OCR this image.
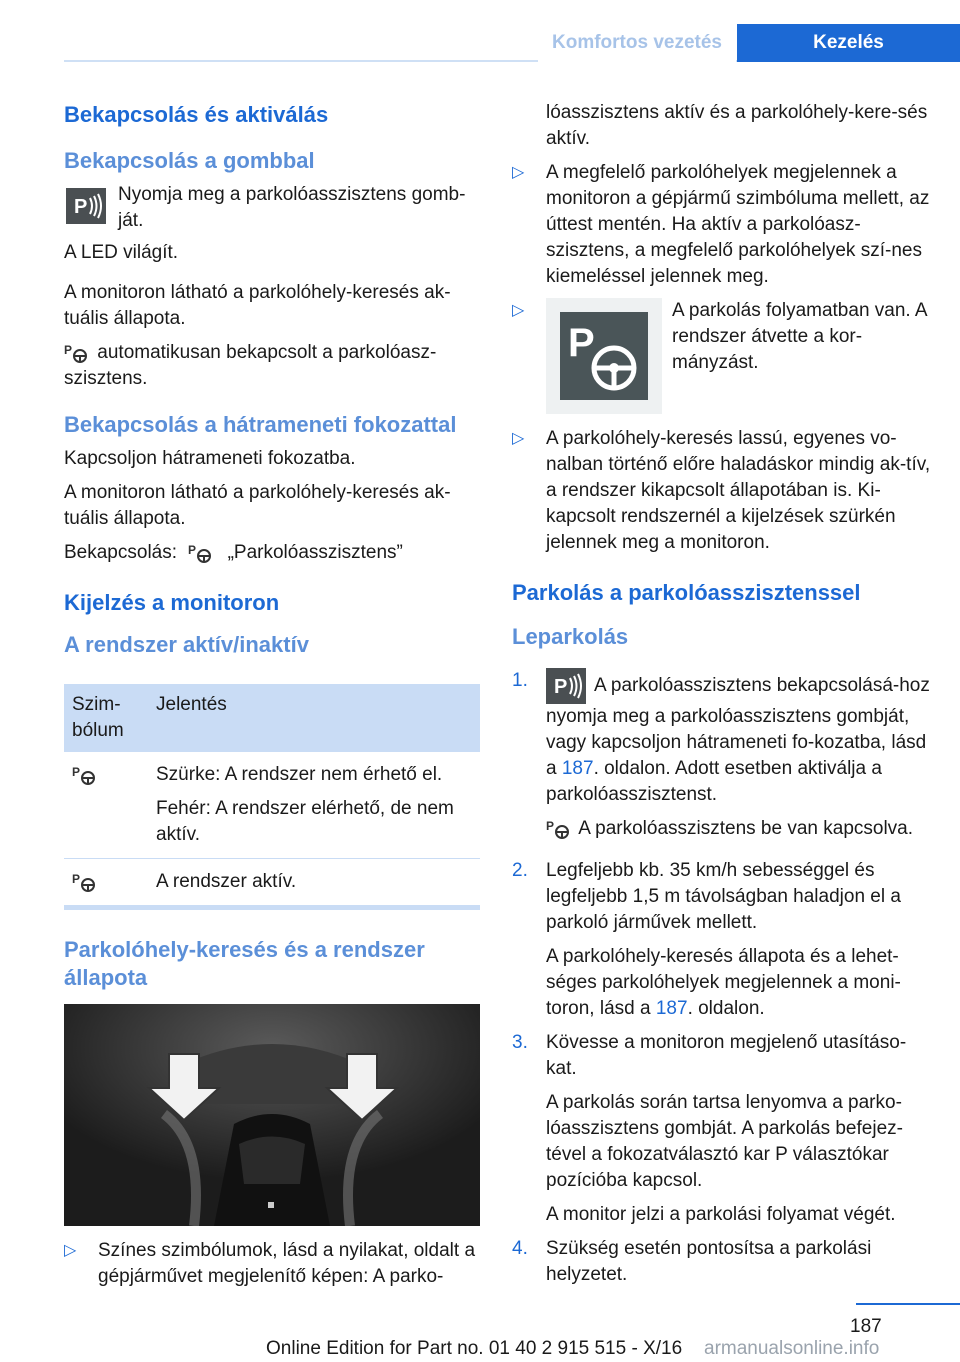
Komfortos vezetés	Kezelés
Bekapcsolás és aktiválás
Bekapcsolás a gombbal
P
Nyomja meg a parkolóasszisztens gomb-ját.

A LED világít.

A monitoron látható a parkolóhely-keresés ak-tuális állapota.

P automatikusan bekapcsolt a parkolóasz-szisztens.

Bekapcsolás a hátrameneti fokozattal

Kapcsoljon hátrameneti fokozatba.

A monitoron látható a parkolóhely-keresés ak-tuális állapota.

Bekapcsolás: P „Parkolóasszisztens”

Kijelzés a monitoron
A rendszer aktív/inaktív
Szim-bólum	Jelentés

P	Szürke: A rendszer nem érhető el.

Fehér: A rendszer elérhető, de nem aktív.

P	A rendszer aktív.
Parkolóhely-keresés és a rendszer állapota
▷	Színes szimbólumok, lásd a nyilakat, oldalt a gépjárművet megjelenítő képen: A parko-

lóasszisztens aktív és a parkolóhely-kere-sés aktív.

▷	A megfelelő parkolóhelyek megjelennek a monitoron a gépjármű szimbóluma mellett, az úttest mentén. Ha aktív a parkolóasz-szisztens, a megfelelő parkolóhelyek szí-nes kiemeléssel jelennek meg.
▷
P
A parkolás folyamatban van. A rendszer átvette a kor-mányzást.
▷	A parkolóhely-keresés lassú, egyenes vo-nalban történő előre haladáskor mindig ak-tív, a rendszer kikapcsolt állapotában is. Ki-kapcsolt rendszernél a kijelzések szürkén jelennek meg a monitoron.
Parkolás a parkolóasszisztenssel
Leparkolás
1.	P A parkolóasszisztens bekapcsolásá-hoz nyomja meg a parkolóasszisztens gombját, vagy kapcsoljon hátrameneti fo-kozatba, lásd a 187. oldalon. Adott esetben aktiválja a parkolóasszisztenst.

P A parkolóasszisztens be van kapcsolva.

2. Legfeljebb kb. 35 km/h sebességgel és legfeljebb 1,5 m távolságban haladjon el a parkoló járművek mellett.

A parkolóhely-keresés állapota és a lehet-séges parkolóhelyek megjelennek a moni-toron, lásd a 187. oldalon.

3. Kövesse a monitoron megjelenő utasításo-kat.

A parkolás során tartsa lenyomva a parko-lóasszisztens gombját. A parkolás befejez-tével a fokozatválasztó kar P választókar pozícióba kapcsol.

A monitor jelzi a parkolási folyamat végét.

4. Szükség esetén pontosítsa a parkolási helyzetet.
187
Online Edition for Part no. 01 40 2 915 515 - X/16 armanualsonline.info
